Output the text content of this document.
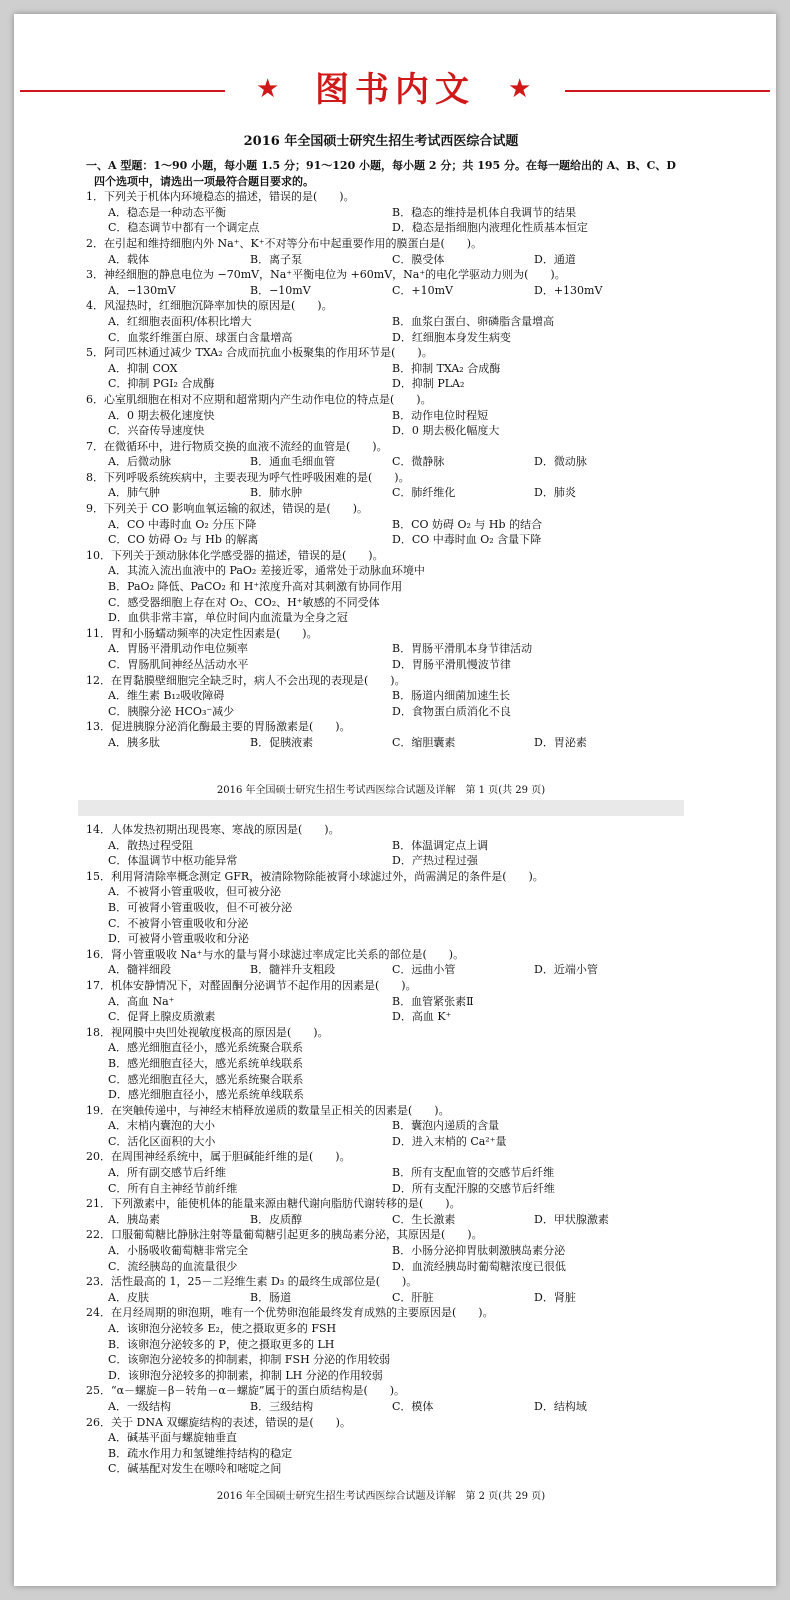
★	图书内文	★
2016 年全国硕士研究生招生考试西医综合试题
一、A 型题：1～90 小题，每小题 1.5 分；91～120 小题，每小题 2 分；共 195 分。在每一题给出的 A、B、C、D 四个选项中，请选出一项最符合题目要求的。
1．下列关于机体内环境稳态的描述，错误的是(　　)。
A．稳态是一种动态平衡	B．稳态的维持是机体自我调节的结果
C．稳态调节中都有一个调定点	D．稳态是指细胞内液理化性质基本恒定
2．在引起和维持细胞内外 Na⁺、K⁺不对等分布中起重要作用的膜蛋白是(　　)。
A．载体	B．离子泵	C．膜受体	D．通道
3．神经细胞的静息电位为 −70mV，Na⁺平衡电位为 +60mV，Na⁺的电化学驱动力则为(　　)。
A．−130mV	B．−10mV	C．+10mV	D．+130mV
4．风湿热时，红细胞沉降率加快的原因是(　　)。
A．红细胞表面积/体积比增大	B．血浆白蛋白、卵磷脂含量增高
C．血浆纤维蛋白原、球蛋白含量增高	D．红细胞本身发生病变
5．阿司匹林通过减少 TXA₂ 合成而抗血小板聚集的作用环节是(　　)。
A．抑制 COX	B．抑制 TXA₂ 合成酶
C．抑制 PGI₂ 合成酶	D．抑制 PLA₂
6．心室肌细胞在相对不应期和超常期内产生动作电位的特点是(　　)。
A．0 期去极化速度快	B．动作电位时程短
C．兴奋传导速度快	D．0 期去极化幅度大
7．在微循环中，进行物质交换的血液不流经的血管是(　　)。
A．后微动脉	B．通血毛细血管	C．微静脉	D．微动脉
8．下列呼吸系统疾病中，主要表现为呼气性呼吸困难的是(　　)。
A．肺气肿	B．肺水肿	C．肺纤维化	D．肺炎
9．下列关于 CO 影响血氧运输的叙述，错误的是(　　)。
A．CO 中毒时血 O₂ 分压下降	B．CO 妨碍 O₂ 与 Hb 的结合
C．CO 妨碍 O₂ 与 Hb 的解离	D．CO 中毒时血 O₂ 含量下降
10．下列关于颈动脉体化学感受器的描述，错误的是(　　)。
A．其流入流出血液中的 PaO₂ 差接近零，通常处于动脉血环境中
B．PaO₂ 降低、PaCO₂ 和 H⁺浓度升高对其刺激有协同作用
C．感受器细胞上存在对 O₂、CO₂、H⁺敏感的不同受体
D．血供非常丰富，单位时间内血流量为全身之冠
11．胃和小肠蠕动频率的决定性因素是(　　)。
A．胃肠平滑肌动作电位频率	B．胃肠平滑肌本身节律活动
C．胃肠肌间神经丛活动水平	D．胃肠平滑肌慢波节律
12．在胃黏膜壁细胞完全缺乏时，病人不会出现的表现是(　　)。
A．维生素 B₁₂吸收障碍	B．肠道内细菌加速生长
C．胰腺分泌 HCO₃⁻减少	D．食物蛋白质消化不良
13．促进胰腺分泌消化酶最主要的胃肠激素是(　　)。
A．胰多肽	B．促胰液素	C．缩胆囊素	D．胃泌素
2016 年全国硕士研究生招生考试西医综合试题及详解　第 1 页(共 29 页)
14．人体发热初期出现畏寒、寒战的原因是(　　)。
A．散热过程受阻	B．体温调定点上调
C．体温调节中枢功能异常	D．产热过程过强
15．利用肾清除率概念测定 GFR，被清除物除能被肾小球滤过外，尚需满足的条件是(　　)。
A．不被肾小管重吸收，但可被分泌
B．可被肾小管重吸收，但不可被分泌
C．不被肾小管重吸收和分泌
D．可被肾小管重吸收和分泌
16．肾小管重吸收 Na⁺与水的量与肾小球滤过率成定比关系的部位是(　　)。
A．髓袢细段	B．髓袢升支粗段	C．远曲小管	D．近端小管
17．机体安静情况下，对醛固酮分泌调节不起作用的因素是(　　)。
A．高血 Na⁺	B．血管紧张素Ⅱ
C．促肾上腺皮质激素	D．高血 K⁺
18．视网膜中央凹处视敏度极高的原因是(　　)。
A．感光细胞直径小，感光系统聚合联系
B．感光细胞直径大，感光系统单线联系
C．感光细胞直径大，感光系统聚合联系
D．感光细胞直径小，感光系统单线联系
19．在突触传递中，与神经末梢释放递质的数量呈正相关的因素是(　　)。
A．末梢内囊泡的大小	B．囊泡内递质的含量
C．活化区面积的大小	D．进入末梢的 Ca²⁺量
20．在周围神经系统中，属于胆碱能纤维的是(　　)。
A．所有副交感节后纤维	B．所有支配血管的交感节后纤维
C．所有自主神经节前纤维	D．所有支配汗腺的交感节后纤维
21．下列激素中，能使机体的能量来源由糖代谢向脂肪代谢转移的是(　　)。
A．胰岛素	B．皮质醇	C．生长激素	D．甲状腺激素
22．口服葡萄糖比静脉注射等量葡萄糖引起更多的胰岛素分泌，其原因是(　　)。
A．小肠吸收葡萄糖非常完全	B．小肠分泌抑胃肽刺激胰岛素分泌
C．流经胰岛的血流量很少	D．血流经胰岛时葡萄糖浓度已很低
23．活性最高的 1，25－二羟维生素 D₃ 的最终生成部位是(　　)。
A．皮肤	B．肠道	C．肝脏	D．肾脏
24．在月经周期的卵泡期，唯有一个优势卵泡能最终发育成熟的主要原因是(　　)。
A．该卵泡分泌较多 E₂，使之摄取更多的 FSH
B．该卵泡分泌较多的 P，使之摄取更多的 LH
C．该卵泡分泌较多的抑制素，抑制 FSH 分泌的作用较弱
D．该卵泡分泌较多的抑制素，抑制 LH 分泌的作用较弱
25．“α－螺旋－β－转角－α－螺旋”属于的蛋白质结构是(　　)。
A．一级结构	B．三级结构	C．模体	D．结构域
26．关于 DNA 双螺旋结构的表述，错误的是(　　)。
A．碱基平面与螺旋轴垂直
B．疏水作用力和氢键维持结构的稳定
C．碱基配对发生在嘌呤和嘧啶之间
2016 年全国硕士研究生招生考试西医综合试题及详解　第 2 页(共 29 页)
